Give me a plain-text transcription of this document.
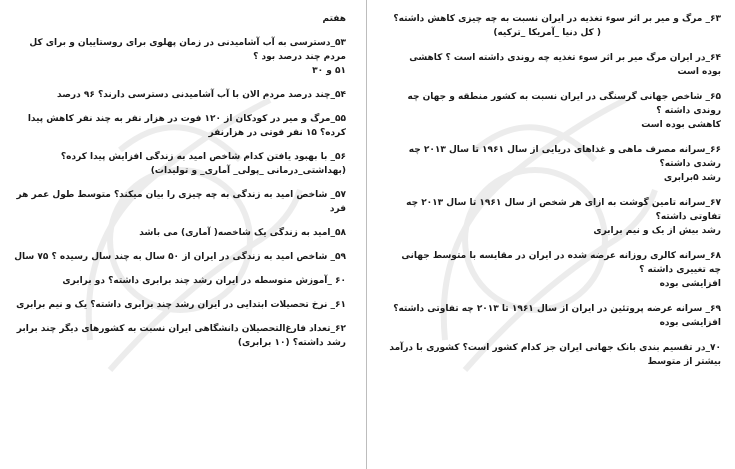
۶۳_ مرگ و میر بر اثر سوء تغذیه در ایران نسبت به چه چیزی کاهش داشته؟
( کل دنیا _آمریکا _ترکیه)
۶۴_در ایران مرگ میر بر اثر سوء تغذیه چه روندی داشته است ؟ کاهشی بوده است
۶۵_ شاخص جهانی گرسنگی در ایران نسبت به کشور منطقه و جهان چه روندی داشته ؟
کاهشی بوده است
۶۶_سرانه مصرف ماهی و غذاهای دریایی از سال ۱۹۶۱ تا سال ۲۰۱۳ چه رشدی داشته؟
رشد ۵برابری
۶۷_سرانه تامین گوشت به ازای هر شخص از سال ۱۹۶۱ تا سال ۲۰۱۳ چه تفاوتی داشته؟
رشد بیش از یک و نیم برابری
۶۸_سرانه کالری روزانه عرضه شده در ایران در مقایسه با متوسط جهانی چه تغییری داشته ؟
افزایشی بوده
۶۹_ سرانه عرضه پروتئین در ایران از سال ۱۹۶۱ تا ۲۰۱۳ چه تفاوتی داشته؟
افزایشی بوده
۷۰_در تقسیم بندی بانک جهانی ایران جز کدام کشور است؟ کشوری با درآمد بیشتر از متوسط
هفتم
۵۳_دسترسی به آب آشامیدنی در زمان پهلوی برای روستاییان و برای کل مردم چند درصد بود ؟
۵۱ و ۳۰
۵۴_چند درصد مردم الان با آب آشامیدنی دسترسی دارند؟ ۹۶ درصد
۵۵_مرگ و میر در کودکان از ۱۲۰ فوت در هزار نفر به چند نفر کاهش پیدا کرده؟ ۱۵ نفر فوتی در هزارنفر
۵۶_ با بهبود یافتن کدام شاخص امید به زندگی افزایش پیدا کرده؟
(بهداشتی_درمانی _پولی_ آماری_ و تولیدات)
۵۷_ شاخص امید به زندگی به چه چیزی را بیان میکند؟ متوسط طول عمر هر فرد
۵۸_امید به زندگی یک شاخصه( آماری) می باشد
۵۹_ شاخص امید به زندگی در ایران از ۵۰ سال به چند سال رسیده ؟ ۷۵ سال
۶۰ _آموزش متوسطه در ایران رشد چند برابری داشته؟ دو برابری
۶۱_ نرخ تحصیلات ابتدایی در ایران رشد چند برابری داشته؟ یک و نیم برابری
۶۲_تعداد فارغ‌التحصیلان دانشگاهی ایران نسبت به کشورهای دیگر چند برابر رشد داشته؟ (۱۰ برابری)
